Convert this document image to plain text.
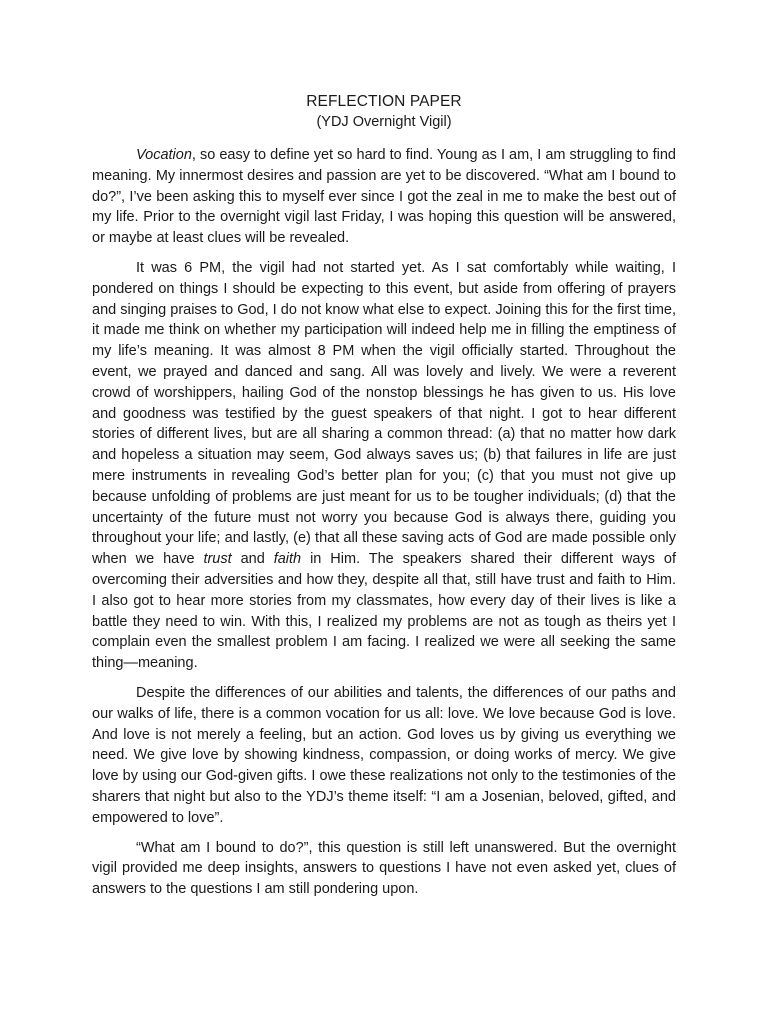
REFLECTION PAPER
(YDJ Overnight Vigil)

Vocation, so easy to define yet so hard to find. Young as I am, I am struggling to find meaning. My innermost desires and passion are yet to be discovered. “What am I bound to do?”, I’ve been asking this to myself ever since I got the zeal in me to make the best out of my life. Prior to the overnight vigil last Friday, I was hoping this question will be answered, or maybe at least clues will be revealed.

It was 6 PM, the vigil had not started yet. As I sat comfortably while waiting, I pondered on things I should be expecting to this event, but aside from offering of prayers and singing praises to God, I do not know what else to expect. Joining this for the first time, it made me think on whether my participation will indeed help me in filling the emptiness of my life’s meaning. It was almost 8 PM when the vigil officially started. Throughout the event, we prayed and danced and sang. All was lovely and lively. We were a reverent crowd of worshippers, hailing God of the nonstop blessings he has given to us. His love and goodness was testified by the guest speakers of that night. I got to hear different stories of different lives, but are all sharing a common thread: (a) that no matter how dark and hopeless a situation may seem, God always saves us; (b) that failures in life are just mere instruments in revealing God’s better plan for you; (c) that you must not give up because unfolding of problems are just meant for us to be tougher individuals; (d) that the uncertainty of the future must not worry you because God is always there, guiding you throughout your life; and lastly, (e) that all these saving acts of God are made possible only when we have trust and faith in Him. The speakers shared their different ways of overcoming their adversities and how they, despite all that, still have trust and faith to Him. I also got to hear more stories from my classmates, how every day of their lives is like a battle they need to win. With this, I realized my problems are not as tough as theirs yet I complain even the smallest problem I am facing. I realized we were all seeking the same thing—meaning.

Despite the differences of our abilities and talents, the differences of our paths and our walks of life, there is a common vocation for us all: love. We love because God is love. And love is not merely a feeling, but an action. God loves us by giving us everything we need. We give love by showing kindness, compassion, or doing works of mercy. We give love by using our God-given gifts. I owe these realizations not only to the testimonies of the sharers that night but also to the YDJ’s theme itself: “I am a Josenian, beloved, gifted, and empowered to love”.

“What am I bound to do?”, this question is still left unanswered. But the overnight vigil provided me deep insights, answers to questions I have not even asked yet, clues of answers to the questions I am still pondering upon.
